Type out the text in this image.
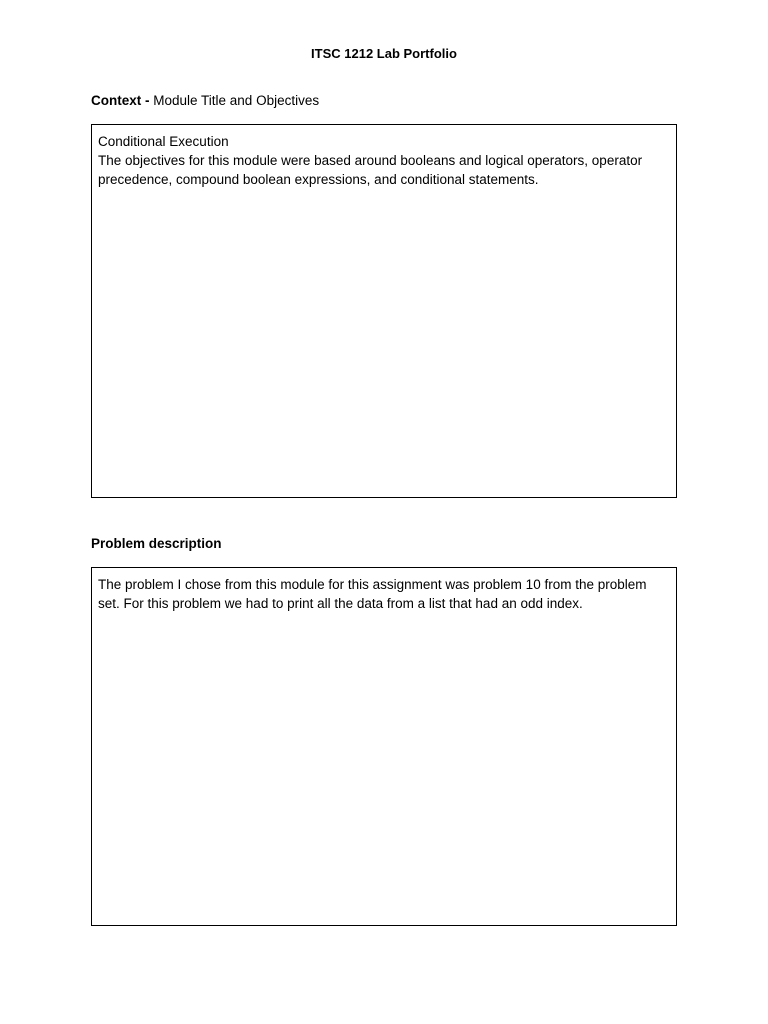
ITSC 1212 Lab Portfolio
Context - Module Title and Objectives

Conditional Execution

The objectives for this module were based around booleans and logical operators, operator precedence, compound boolean expressions, and conditional statements.

Problem description

The problem I chose from this module for this assignment was problem 10 from the problem set. For this problem we had to print all the data from a list that had an odd index.
